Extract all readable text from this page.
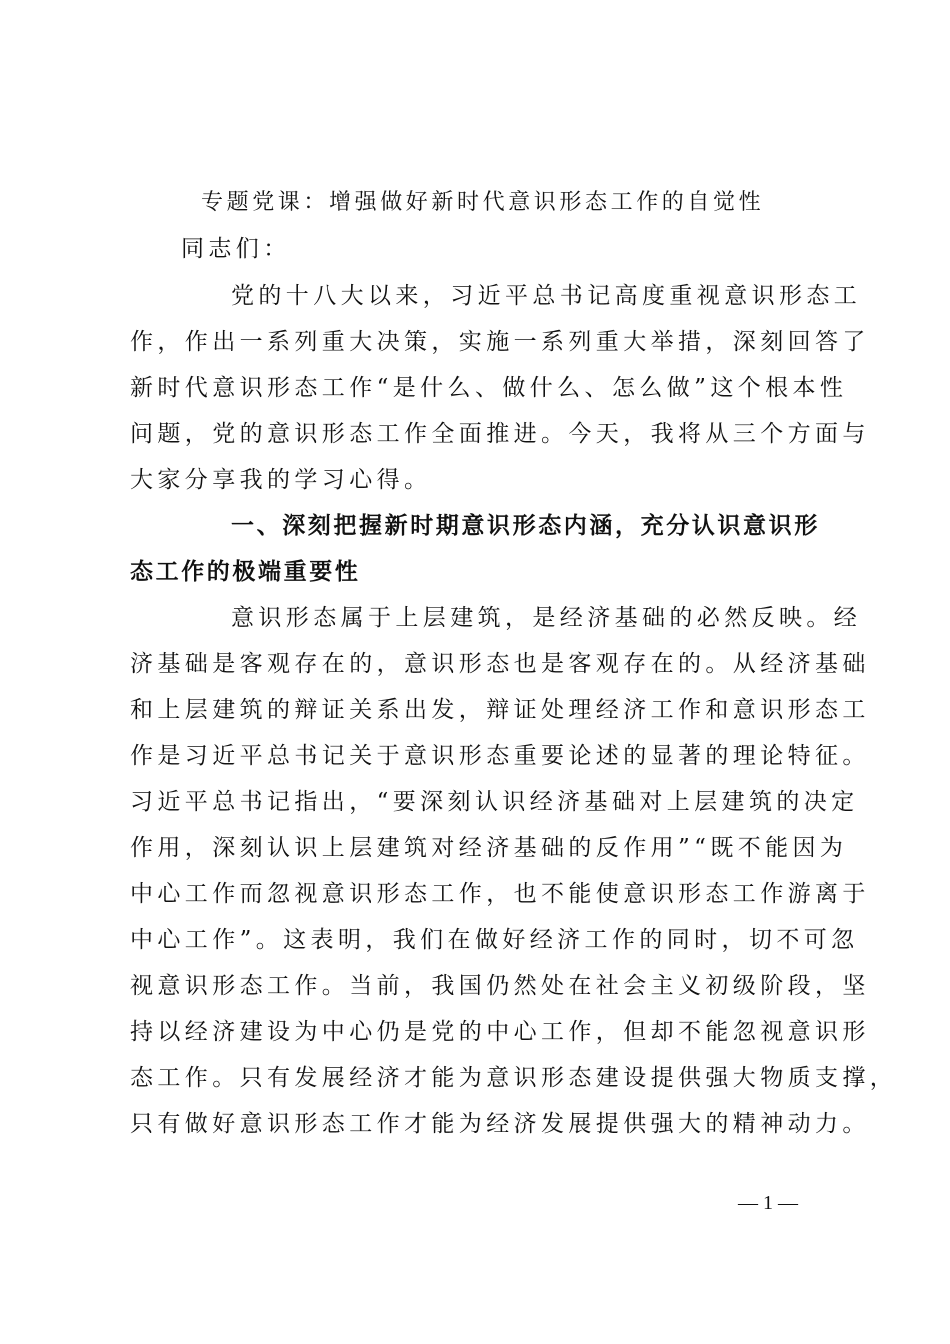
专题党课：增强做好新时代意识形态工作的自觉性
同志们：
党的十八大以来，习近平总书记高度重视意识形态工
作，作出一系列重大决策，实施一系列重大举措，深刻回答了
新时代意识形态工作“是什么、做什么、怎么做”这个根本性
问题，党的意识形态工作全面推进。今天，我将从三个方面与
大家分享我的学习心得。
一、深刻把握新时期意识形态内涵，充分认识意识形
态工作的极端重要性
意识形态属于上层建筑，是经济基础的必然反映。经
济基础是客观存在的，意识形态也是客观存在的。从经济基础
和上层建筑的辩证关系出发，辩证处理经济工作和意识形态工
作是习近平总书记关于意识形态重要论述的显著的理论特征。
习近平总书记指出，“要深刻认识经济基础对上层建筑的决定
作用，深刻认识上层建筑对经济基础的反作用”“既不能因为
中心工作而忽视意识形态工作，也不能使意识形态工作游离于
中心工作”。这表明，我们在做好经济工作的同时，切不可忽
视意识形态工作。当前，我国仍然处在社会主义初级阶段，坚
持以经济建设为中心仍是党的中心工作，但却不能忽视意识形
态工作。只有发展经济才能为意识形态建设提供强大物质支撑，
只有做好意识形态工作才能为经济发展提供强大的精神动力。
— 1 —
